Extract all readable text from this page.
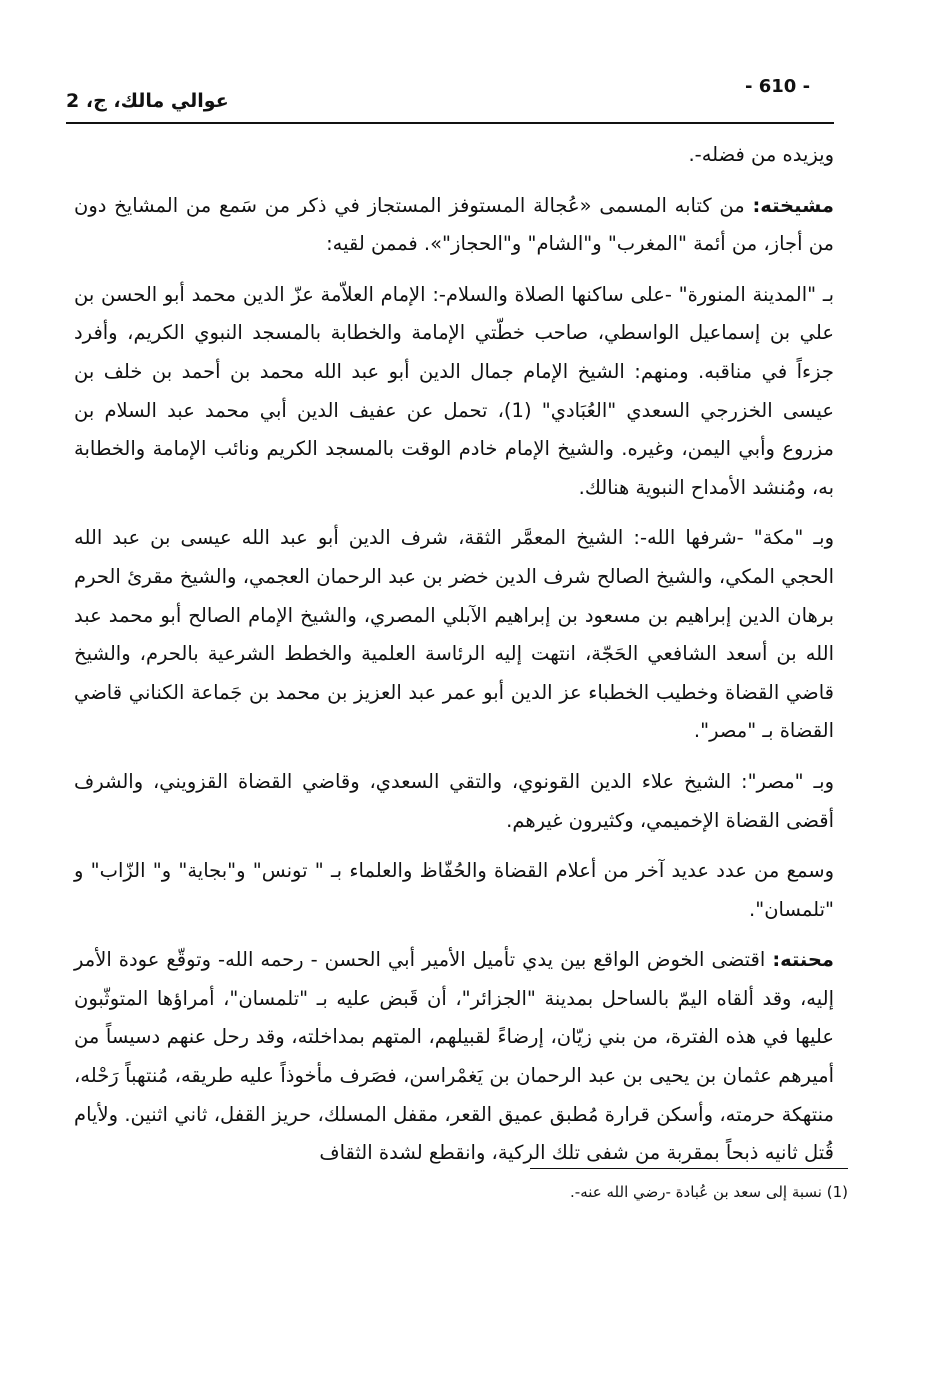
- 610 -
عوالي مالك، ج، 2

ويزيده من فضله-.

مشيخته: من كتابه المسمى «عُجالة المستوفز المستجاز في ذكر من سَمع من المشايخ دون من أجاز، من أئمة "المغرب" و"الشام" و"الحجاز"». فممن لقيه:

بـ "المدينة المنورة" -على ساكنها الصلاة والسلام-: الإمام العلاّمة عزّ الدين محمد أبو الحسن بن علي بن إسماعيل الواسطي، صاحب خطّتي الإمامة والخطابة بالمسجد النبوي الكريم، وأفرد جزءاً في مناقبه. ومنهم: الشيخ الإمام جمال الدين أبو عبد الله محمد بن أحمد بن خلف بن عيسى الخزرجي السعدي "العُبَادي" (1)، تحمل عن عفيف الدين أبي محمد عبد السلام بن مزروع وأبي اليمن، وغيره. والشيخ الإمام خادم الوقت بالمسجد الكريم ونائب الإمامة والخطابة به، ومُنشد الأمداح النبوية هنالك.

وبـ "مكة" -شرفها الله-: الشيخ المعمَّر الثقة، شرف الدين أبو عبد الله عيسى بن عبد الله الحجي المكي، والشيخ الصالح شرف الدين خضر بن عبد الرحمان العجمي، والشيخ مقرئ الحرم برهان الدين إبراهيم بن مسعود بن إبراهيم الآبلي المصري، والشيخ الإمام الصالح أبو محمد عبد الله بن أسعد الشافعي الحَجّة، انتهت إليه الرئاسة العلمية والخطط الشرعية بالحرم، والشيخ قاضي القضاة وخطيب الخطباء عز الدين أبو عمر عبد العزيز بن محمد بن جَماعة الكناني قاضي القضاة بـ "مصر".

وبـ "مصر": الشيخ علاء الدين القونوي، والتقي السعدي، وقاضي القضاة القزويني، والشرف أقضى القضاة الإخميمي، وكثيرون غيرهم.

وسمع من عدد عديد آخر من أعلام القضاة والحُفّاظ والعلماء بـ " تونس" و"بجاية" و" الزّاب" و "تلمسان".

محنته: اقتضى الخوض الواقع بين يدي تأميل الأمير أبي الحسن - رحمه الله- وتوقّع عودة الأمر إليه، وقد ألقاه اليمّ بالساحل بمدينة "الجزائر"، أن قَبض عليه بـ "تلمسان"، أمراؤها المتوثّبون عليها في هذه الفترة، من بني زيّان، إرضاءً لقبيلهم، المتهم بمداخلته، وقد رحل عنهم دسيساً من أميرهم عثمان بن يحيى بن عبد الرحمان بن يَغمْراسن، فصَرف مأخوذاً عليه طريقه، مُنتهباً رَحْله، منتهكة حرمته، وأسكن قرارة مُطبق عميق القعر، مقفل المسلك، حريز القفل، ثاني اثنين. ولأيام قُتل ثانيه ذبحاً بمقربة من شفى تلك الركية، وانقطع لشدة الثقاف

(1) نسبة إلى سعد بن عُبادة -رضي الله عنه-.
